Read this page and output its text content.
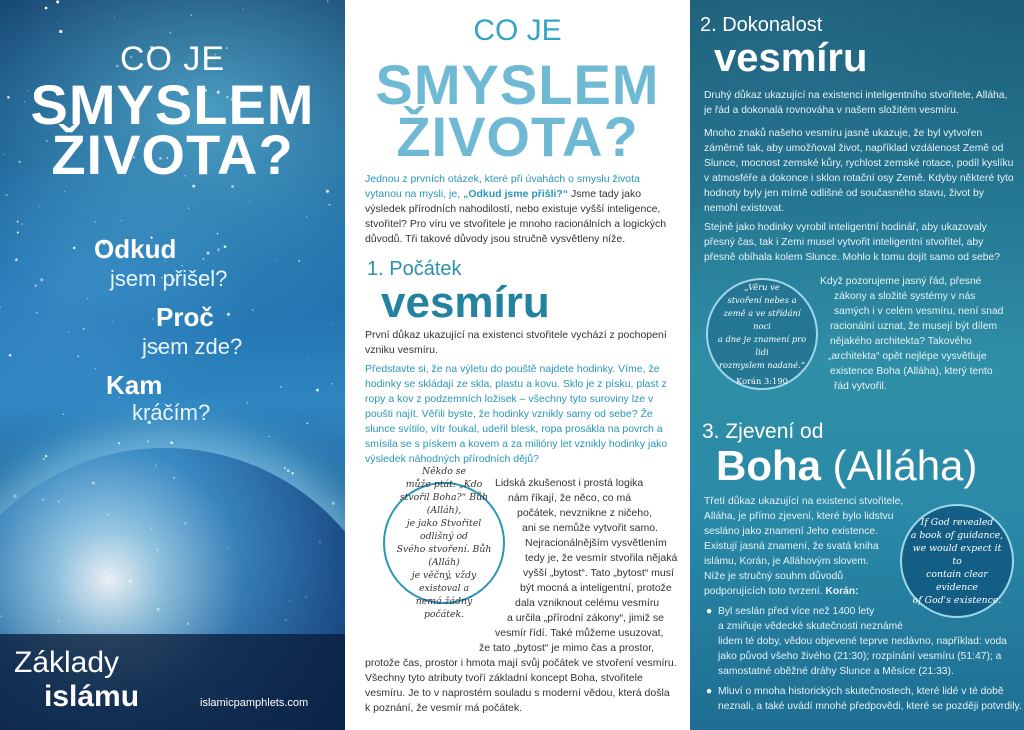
CO JE
SMYSLEM
ŽIVOTA?
Odkud
jsem přišel?
Proč
jsem zde?
Kam
kráčím?
Základy
islámu	islamicpamphlets.com
CO JE
SMYSLEM
ŽIVOTA?
Jednou z prvních otázek, které při úvahách o smyslu života vytanou na mysli, je, „Odkud jsme přišli?“ Jsme tady jako výsledek přírodních nahodilostí, nebo existuje vyšší inteligence, stvořitel? Pro víru ve stvořitele je mnoho racionálních a logických důvodů. Tři takové důvody jsou stručně vysvětleny níže.
1. Počátek
vesmíru
První důkaz ukazující na existenci stvořitele vychází z pochopení vzniku vesmíru.
Představte si, že na výletu do pouště najdete hodinky. Víme, že hodinky se skládají ze skla, plastu a kovu. Sklo je z písku, plast z ropy a kov z podzemních ložisek – všechny tyto suroviny lze v poušti najít. Věřili byste, že hodinky vznikly samy od sebe? Že slunce svítilo, vítr foukal, udeřil blesk, ropa prosákla na povrch a smísila se s pískem a kovem a za milióny let vznikly hodinky jako výsledek náhodných přírodních dějů?
Lidská zkušenost i prostá logika
nám říkají, že něco, co má
počátek, nevznikne z ničeho,
ani se nemůže vytvořit samo.
Nejracionálnějším vysvětlením
tedy je, že vesmír stvořila nějaká
vyšší „bytost“. Tato „bytost“ musí
být mocná a inteligentní, protože
dala vzniknout celému vesmíru
a určila „přírodní zákony“, jimiž se
vesmír řídí. Také můžeme usuzovat,
že tato „bytost“ je mimo čas a prostor,
protože čas, prostor i hmota mají svůj počátek ve stvoření vesmíru.
Všechny tyto atributy tvoří základní koncept Boha, stvořitele
vesmíru. Je to v naprostém souladu s moderní vědou, která došla
k poznání, že vesmír má počátek.
Někdo se
může ptát: „Kdo
stvořil Boha?“ Bůh (Alláh),
je jako Stvořitel odlišný od
Svého stvoření. Bůh (Alláh)
je věčný, vždy existoval a
nemá žádný počátek.
2. Dokonalost
vesmíru
Druhý důkaz ukazující na existenci inteligentního stvořitele, Alláha, je řád a dokonalá rovnováha v našem složitém vesmíru.
Mnoho znaků našeho vesmíru jasně ukazuje, že byl vytvořen záměrně tak, aby umožňoval život, například vzdálenost Země od Slunce, mocnost zemské kůry, rychlost zemské rotace, podíl kyslíku v atmosféře a dokonce i sklon rotační osy Země. Kdyby některé tyto hodnoty byly jen mírně odlišné od současného stavu, život by nemohl existovat.
Stejně jako hodinky vyrobil inteligentní hodinář, aby ukazovaly přesný čas, tak i Zemi musel vytvořit inteligentní stvořitel, aby přesně obíhala kolem Slunce. Mohlo k tomu dojít samo od sebe?
Když pozorujeme jasný řád, přesné
zákony a složité systémy v nás
samých i v celém vesmíru, není snad
racionální uznat, že musejí být dílem
nějakého architekta? Takového
„architekta“ opět nejlépe vysvětluje
existence Boha (Alláha), který tento
řád vytvořil.
„Věru ve
stvoření nebes a
země a ve střídání noci
a dne je znamení pro lidi
rozmyslem nadané.“
Korán 3:190
3. Zjevení od
Boha (Alláha)
Třetí důkaz ukazující na existenci stvořitele,
Alláha, je přímo zjevení, které bylo lidstvu
sesláno jako znamení Jeho existence.
Existují jasná znamení, že svatá kniha
islámu, Korán, je Alláhovým slovem.
Níže je stručný souhrn důvodů
podporujících toto tvrzení. Korán:
● Byl seslán před více než 1400 lety
a zmiňuje vědecké skutečnosti neznámé
lidem té doby, vědou objevené teprve nedávno, například: voda
jako původ všeho živého (21:30); rozpínání vesmíru (51:47); a
samostatné oběžné dráhy Slunce a Měsíce (21:33).
● Mluví o mnoha historických skutečnostech, které lidé v té době
neznali, a také uvádí mnohé předpovědi, které se později potvrdily.
If God revealed
a book of guidance,
we would expect it to
contain clear evidence
of God's existence.
